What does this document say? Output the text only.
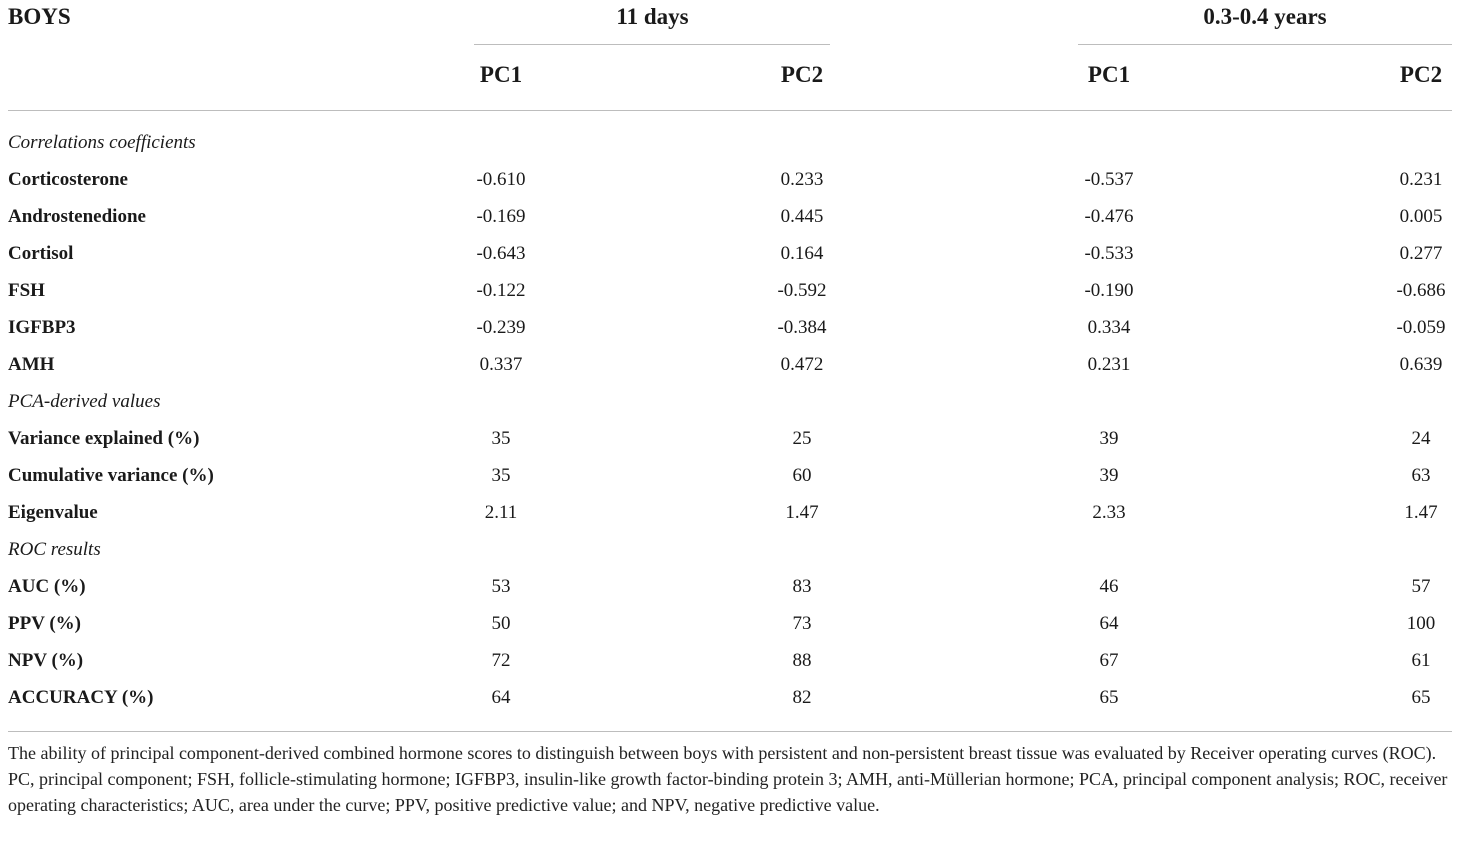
BOYS	11 days	0.3-0.4 years
PC1	PC2	PC1	PC2
Correlations coefficients
Corticosterone	-0.610	0.233	-0.537	0.231
Androstenedione	-0.169	0.445	-0.476	0.005
Cortisol	-0.643	0.164	-0.533	0.277
FSH	-0.122	-0.592	-0.190	-0.686
IGFBP3	-0.239	-0.384	0.334	-0.059
AMH	0.337	0.472	0.231	0.639
PCA-derived values
Variance explained (%)	35	25	39	24
Cumulative variance (%)	35	60	39	63
Eigenvalue	2.11	1.47	2.33	1.47
ROC results
AUC (%)	53	83	46	57
PPV (%)	50	73	64	100
NPV (%)	72	88	67	61
ACCURACY (%)	64	82	65	65

The ability of principal component-derived combined hormone scores to distinguish between boys with persistent and non-persistent breast tissue was evaluated by Receiver operating curves (ROC).

PC, principal component; FSH, follicle-stimulating hormone; IGFBP3, insulin-like growth factor-binding protein 3; AMH, anti-Müllerian hormone; PCA, principal component analysis; ROC, receiver operating characteristics; AUC, area under the curve; PPV, positive predictive value; and NPV, negative predictive value.
